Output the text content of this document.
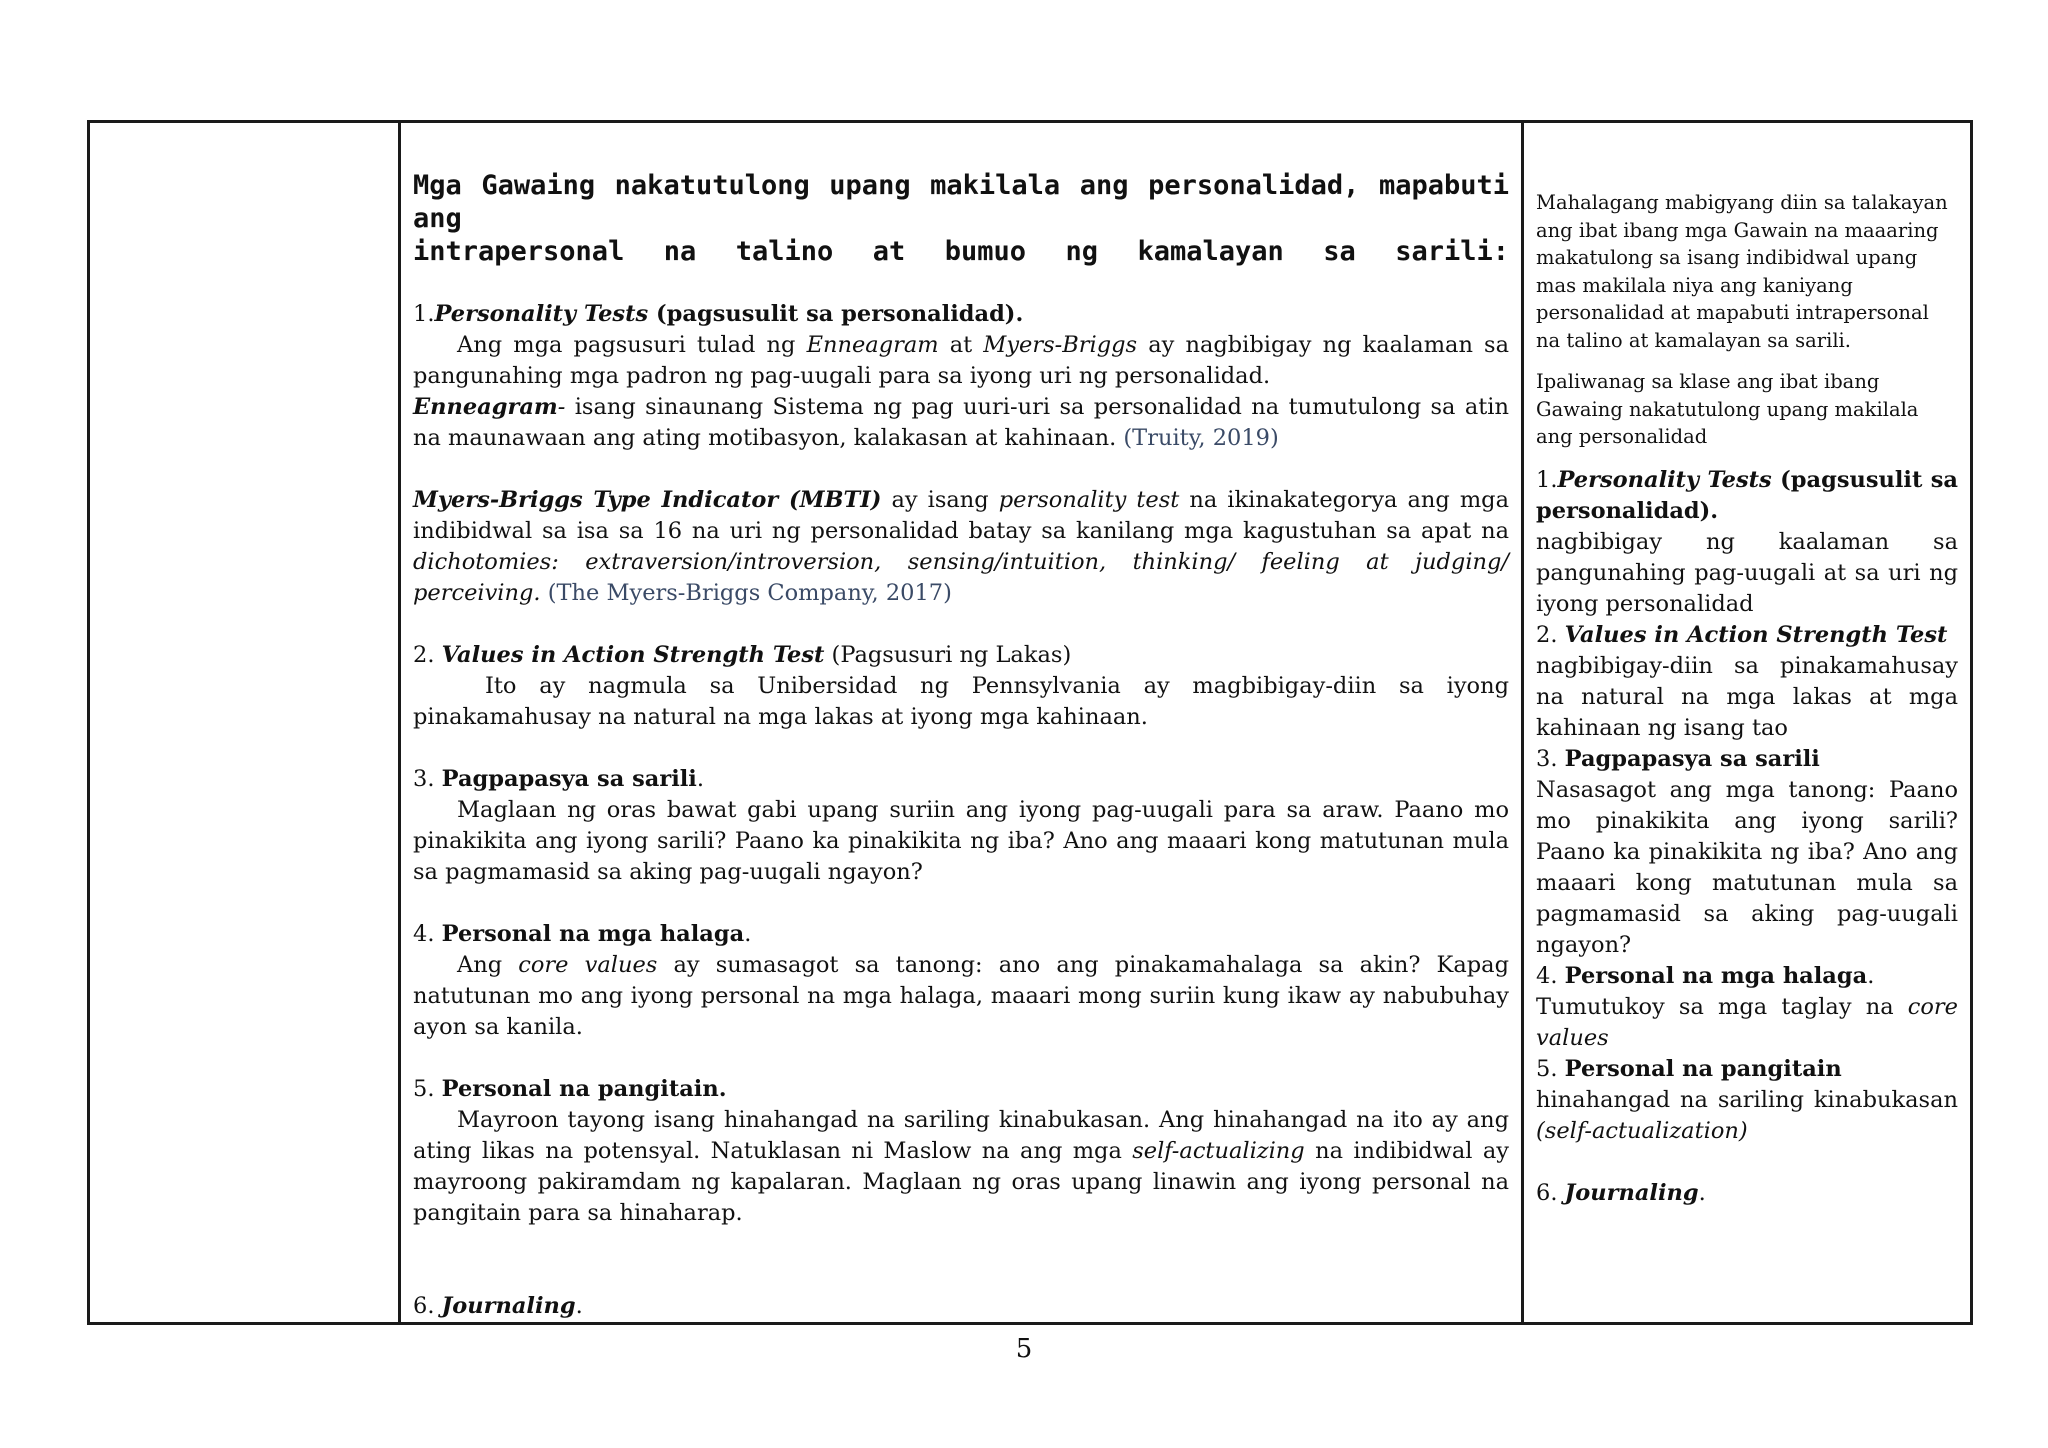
Mga Gawaing nakatutulong upang makilala ang personalidad, mapabuti ang

intrapersonal na talino at bumuo ng kamalayan sa sarili:

1.Personality Tests (pagsusulit sa personalidad).

Ang mga pagsusuri tulad ng Enneagram at Myers-Briggs ay nagbibigay ng kaalaman sa pangunahing mga padron ng pag-uugali para sa iyong uri ng personalidad.

Enneagram- isang sinaunang Sistema ng pag uuri-uri sa personalidad na tumutulong sa atin na maunawaan ang ating motibasyon, kalakasan at kahinaan. (Truity, 2019)

Myers-Briggs Type Indicator (MBTI) ay isang personality test na ikinakategorya ang mga indibidwal sa isa sa 16 na uri ng personalidad batay sa kanilang mga kagustuhan sa apat na dichotomies: extraversion/introversion, sensing/intuition, thinking/ feeling at judging/ perceiving. (The Myers-Briggs Company, 2017)

2. Values in Action Strength Test (Pagsusuri ng Lakas)

Ito ay nagmula sa Unibersidad ng Pennsylvania ay magbibigay-diin sa iyong pinakamahusay na natural na mga lakas at iyong mga kahinaan.

3. Pagpapasya sa sarili.

Maglaan ng oras bawat gabi upang suriin ang iyong pag-uugali para sa araw. Paano mo pinakikita ang iyong sarili? Paano ka pinakikita ng iba? Ano ang maaari kong matutunan mula sa pagmamasid sa aking pag-uugali ngayon?

4. Personal na mga halaga.

Ang core values ay sumasagot sa tanong: ano ang pinakamahalaga sa akin? Kapag natutunan mo ang iyong personal na mga halaga, maaari mong suriin kung ikaw ay nabubuhay ayon sa kanila.

5. Personal na pangitain.

Mayroon tayong isang hinahangad na sariling kinabukasan. Ang hinahangad na ito ay ang ating likas na potensyal. Natuklasan ni Maslow na ang mga self-actualizing na indibidwal ay mayroong pakiramdam ng kapalaran. Maglaan ng oras upang linawin ang iyong personal na pangitain para sa hinaharap.

6. Journaling.

Mahalagang mabigyang diin sa talakayan ang ibat ibang mga Gawain na maaaring makatulong sa isang indibidwal upang mas makilala niya ang kaniyang personalidad at mapabuti intrapersonal na talino at kamalayan sa sarili.

Ipaliwanag sa klase ang ibat ibang Gawaing nakatutulong upang makilala ang personalidad

1.Personality Tests (pagsusulit sa personalidad).

nagbibigay ng kaalaman sa pangunahing pag-uugali at sa uri ng iyong personalidad

2. Values in Action Strength Test

nagbibigay-diin sa pinakamahusay na natural na mga lakas at mga kahinaan ng isang tao

3. Pagpapasya sa sarili

Nasasagot ang mga tanong: Paano mo pinakikita ang iyong sarili? Paano ka pinakikita ng iba? Ano ang maaari kong matutunan mula sa pagmamasid sa aking pag-uugali ngayon?

4. Personal na mga halaga.

Tumutukoy sa mga taglay na core values

5. Personal na pangitain

hinahangad na sariling kinabukasan (self-actualization)

6. Journaling.

5
